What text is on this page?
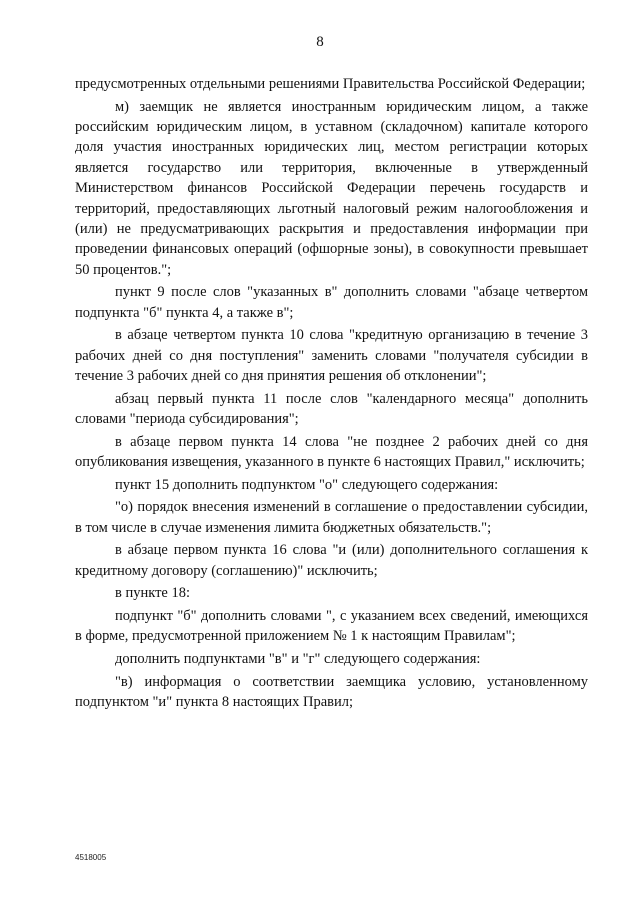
8

предусмотренных отдельными решениями Правительства Российской Федерации;

м) заемщик не является иностранным юридическим лицом, а также российским юридическим лицом, в уставном (складочном) капитале которого доля участия иностранных юридических лиц, местом регистрации которых является государство или территория, включенные в утвержденный Министерством финансов Российской Федерации перечень государств и территорий, предоставляющих льготный налоговый режим налогообложения и (или) не предусматривающих раскрытия и предоставления информации при проведении финансовых операций (офшорные зоны), в совокупности превышает 50 процентов.";

пункт 9 после слов "указанных в" дополнить словами "абзаце четвертом подпункта "б" пункта 4, а также в";

в абзаце четвертом пункта 10 слова "кредитную организацию в течение 3 рабочих дней со дня поступления" заменить словами "получателя субсидии в течение 3 рабочих дней со дня принятия решения об отклонении";

абзац первый пункта 11 после слов "календарного месяца" дополнить словами "периода субсидирования";

в абзаце первом пункта 14 слова "не позднее 2 рабочих дней со дня опубликования извещения, указанного в пункте 6 настоящих Правил," исключить;

пункт 15 дополнить подпунктом "о" следующего содержания:

"о) порядок внесения изменений в соглашение о предоставлении субсидии, в том числе в случае изменения лимита бюджетных обязательств.";

в абзаце первом пункта 16 слова "и (или) дополнительного соглашения к кредитному договору (соглашению)" исключить;

в пункте 18:

подпункт "б" дополнить словами ", с указанием всех сведений, имеющихся в форме, предусмотренной приложением № 1 к настоящим Правилам";

дополнить подпунктами "в" и "г" следующего содержания:

"в) информация о соответствии заемщика условию, установленному подпунктом "и" пункта 8 настоящих Правил;

4518005
